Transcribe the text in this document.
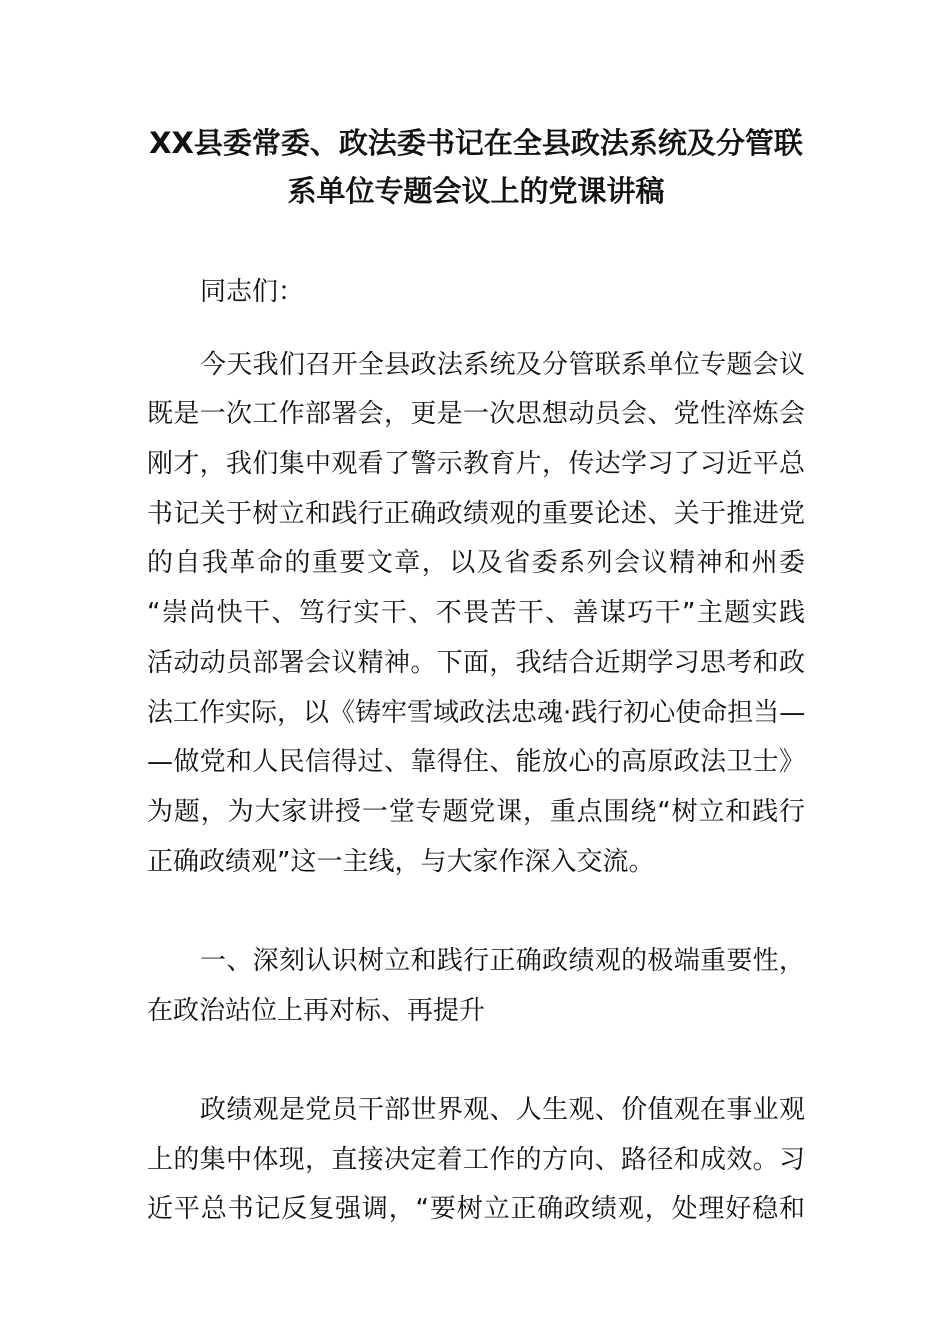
XX县委常委、政法委书记在全县政法系统及分管联
系单位专题会议上的党课讲稿
同志们：
今天我们召开全县政法系统及分管联系单位专题会议
既是一次工作部署会，更是一次思想动员会、党性淬炼会
刚才，我们集中观看了警示教育片，传达学习了习近平总
书记关于树立和践行正确政绩观的重要论述、关于推进党
的自我革命的重要文章，以及省委系列会议精神和州委
“崇尚快干、笃行实干、不畏苦干、善谋巧干”主题实践
活动动员部署会议精神。下面，我结合近期学习思考和政
法工作实际，以《铸牢雪域政法忠魂·践行初心使命担当—
—做党和人民信得过、靠得住、能放心的高原政法卫士》
为题，为大家讲授一堂专题党课，重点围绕“树立和践行
正确政绩观”这一主线，与大家作深入交流。
一、深刻认识树立和践行正确政绩观的极端重要性，
在政治站位上再对标、再提升
政绩观是党员干部世界观、人生观、价值观在事业观
上的集中体现，直接决定着工作的方向、路径和成效。习
近平总书记反复强调，“要树立正确政绩观，处理好稳和
